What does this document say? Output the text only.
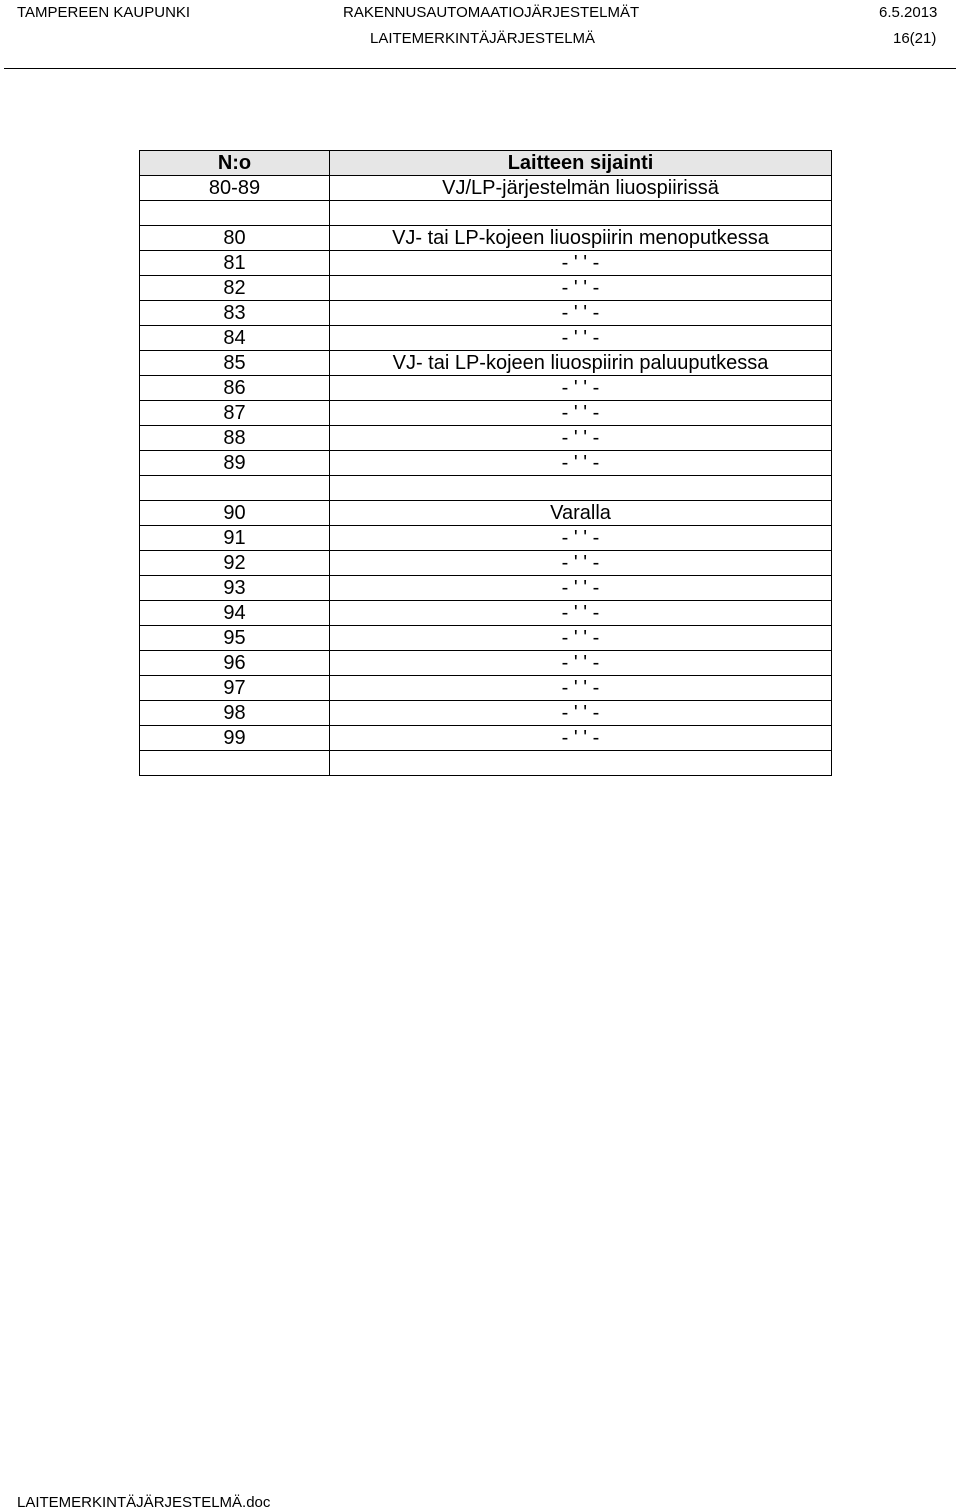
TAMPEREEN KAUPUNKI	RAKENNUSAUTOMAATIOJÄRJESTELMÄT	6.5.2013
LAITEMERKINTÄJÄRJESTELMÄ	16(21)
N:o	Laitteen sijainti
80-89	VJ/LP-järjestelmän liuospiirissä

80	VJ- tai LP-kojeen liuospiirin menoputkessa
81	- ' ' -
82	- ' ' -
83	- ' ' -
84	- ' ' -
85	VJ- tai LP-kojeen liuospiirin paluuputkessa
86	- ' ' -
87	- ' ' -
88	- ' ' -
89	- ' ' -

90	Varalla
91	- ' ' -
92	- ' ' -
93	- ' ' -
94	- ' ' -
95	- ' ' -
96	- ' ' -
97	- ' ' -
98	- ' ' -
99	- ' ' -

LAITEMERKINTÄJÄRJESTELMÄ.doc
